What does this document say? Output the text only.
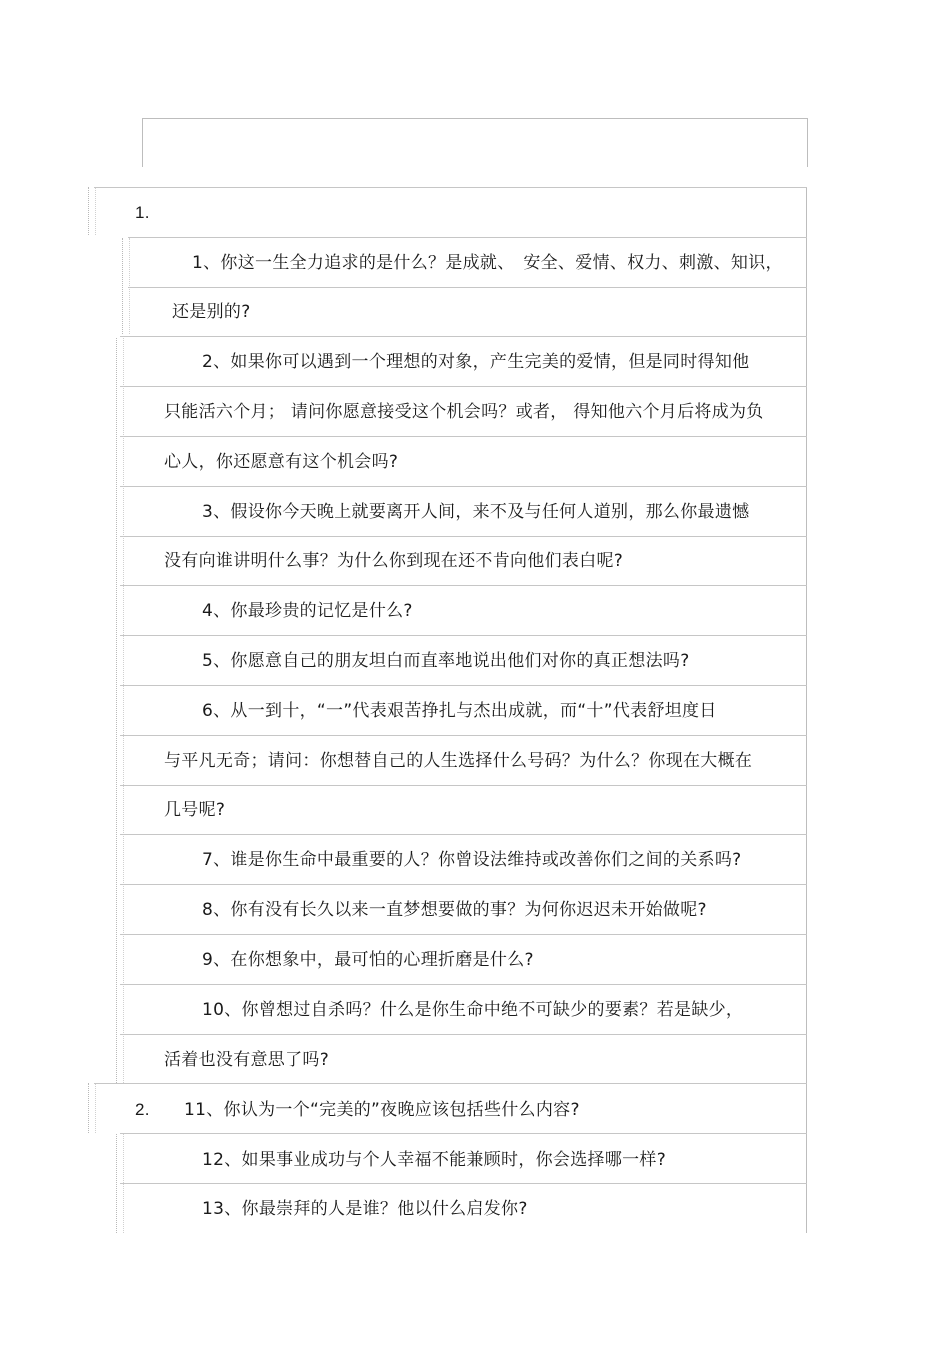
1.
2.
1、你这一生全力追求的是什么？是成就、　安全、爱情、权力、刺激、知识，
还是别的?
2、如果你可以遇到一个理想的对象，产生完美的爱情，但是同时得知他
只能活六个月； 请问你愿意接受这个机会吗？或者， 得知他六个月后将成为负
心人，你还愿意有这个机会吗?
3、假设你今天晚上就要离开人间，来不及与任何人道别，那么你最遗憾
没有向谁讲明什么事？为什么你到现在还不肯向他们表白呢?
4、你最珍贵的记忆是什么?
5、你愿意自己的朋友坦白而直率地说出他们对你的真正想法吗?
6、从一到十，“一”代表艰苦挣扎与杰出成就，而“十”代表舒坦度日
与平凡无奇；请问：你想替自己的人生选择什么号码？为什么？你现在大概在
几号呢?
7、谁是你生命中最重要的人？你曾设法维持或改善你们之间的关系吗?
8、你有没有长久以来一直梦想要做的事？为何你迟迟未开始做呢?
9、在你想象中，最可怕的心理折磨是什么?
10、你曾想过自杀吗？什么是你生命中绝不可缺少的要素？若是缺少，
活着也没有意思了吗?
11、你认为一个“完美的”夜晚应该包括些什么内容?
12、如果事业成功与个人幸福不能兼顾时，你会选择哪一样?
13、你最崇拜的人是谁？他以什么启发你?
